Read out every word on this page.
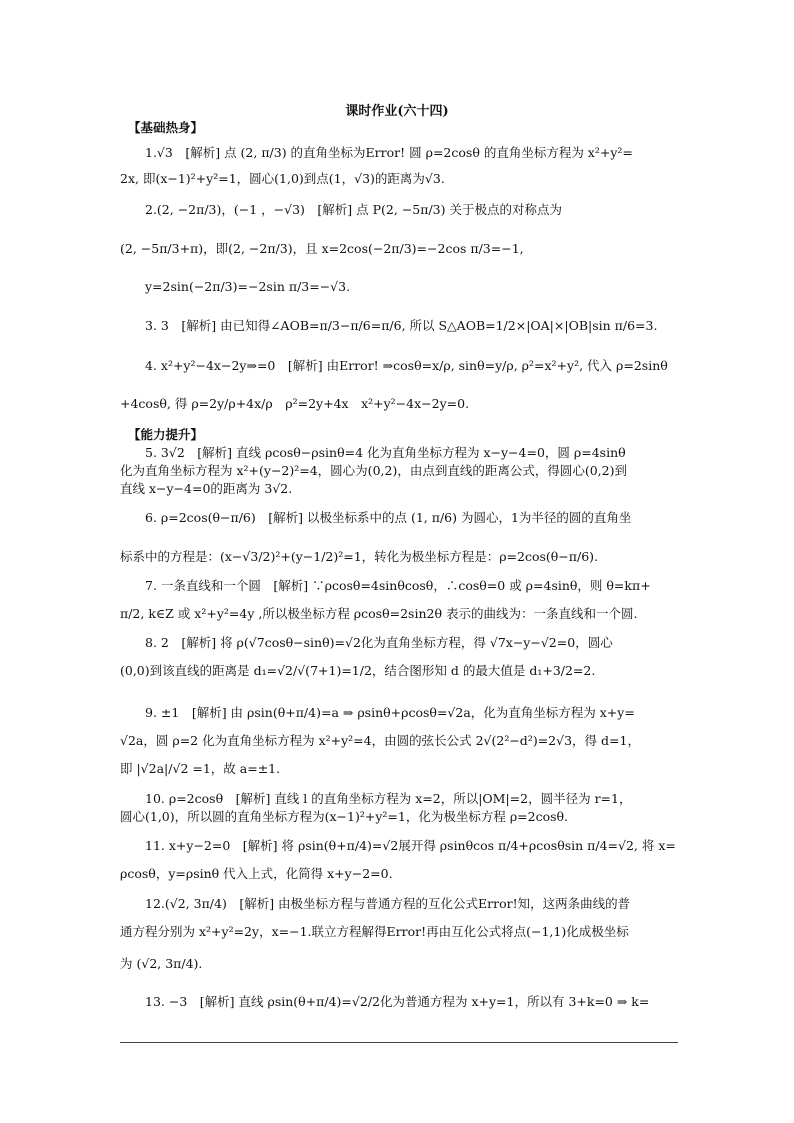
课时作业(六十四)
【基础热身】
1.√3　[解析] 点 (2, π/3) 的直角坐标为Error! 圆 ρ=2cosθ 的直角坐标方程为 x²+y²=
2x, 即(x−1)²+y²=1，圆心(1,0)到点(1，√3)的距离为√3.
2.(2, −2π/3)，(−1 ，−√3)　[解析] 点 P(2, −5π/3) 关于极点的对称点为
(2, −5π/3+π)，即(2, −2π/3)，且 x=2cos(−2π/3)=−2cos π/3=−1,
y=2sin(−2π/3)=−2sin π/3=−√3.
3. 3　[解析] 由已知得∠AOB=π/3−π/6=π/6, 所以 S△AOB=1/2×|OA|×|OB|sin π/6=3.
4. x²+y²−4x−2y⇒=0　[解析] 由Error! ⇒cosθ=x/ρ, sinθ=y/ρ, ρ²=x²+y², 代入 ρ=2sinθ
+4cosθ, 得 ρ=2y/ρ+4x/ρ　ρ²=2y+4x　x²+y²−4x−2y=0.
【能力提升】
5. 3√2　[解析] 直线 ρcosθ−ρsinθ=4 化为直角坐标方程为 x−y−4=0，圆 ρ=4sinθ
化为直角坐标方程为 x²+(y−2)²=4，圆心为(0,2)，由点到直线的距离公式，得圆心(0,2)到
直线 x−y−4=0的距离为 3√2.
6. ρ=2cos(θ−π/6)　[解析] 以极坐标系中的点 (1, π/6) 为圆心，1为半径的圆的直角坐
标系中的方程是：(x−√3/2)²+(y−1/2)²=1，转化为极坐标方程是：ρ=2cos(θ−π/6).
7. 一条直线和一个圆　[解析] ∵ρcosθ=4sinθcosθ，∴cosθ=0 或 ρ=4sinθ，则 θ=kπ+
π/2, k∈Z 或 x²+y²=4y ,所以极坐标方程 ρcosθ=2sin2θ 表示的曲线为：一条直线和一个圆.
8. 2　[解析] 将 ρ(√7cosθ−sinθ)=√2化为直角坐标方程，得 √7x−y−√2=0，圆心
(0,0)到该直线的距离是 d₁=√2/√(7+1)=1/2，结合图形知 d 的最大值是 d₁+3/2=2.
9. ±1　[解析] 由 ρsin(θ+π/4)=a ⇒ ρsinθ+ρcosθ=√2a，化为直角坐标方程为 x+y=
√2a，圆 ρ=2 化为直角坐标方程为 x²+y²=4，由圆的弦长公式 2√(2²−d²)=2√3，得 d=1，
即 |√2a|/√2 =1，故 a=±1.
10. ρ=2cosθ　[解析] 直线 l 的直角坐标方程为 x=2，所以|OM|=2，圆半径为 r=1，
圆心(1,0)，所以圆的直角坐标方程为(x−1)²+y²=1，化为极坐标方程 ρ=2cosθ.
11. x+y−2=0　[解析] 将 ρsin(θ+π/4)=√2展开得 ρsinθcos π/4+ρcosθsin π/4=√2, 将 x=
ρcosθ，y=ρsinθ 代入上式，化简得 x+y−2=0.
12.(√2, 3π/4)　[解析] 由极坐标方程与普通方程的互化公式Error!知，这两条曲线的普
通方程分别为 x²+y²=2y，x=−1.联立方程解得Error!再由互化公式将点(−1,1)化成极坐标
为 (√2, 3π/4).
13. −3　[解析] 直线 ρsin(θ+π/4)=√2/2化为普通方程为 x+y=1，所以有 3+k=0 ⇒ k=
